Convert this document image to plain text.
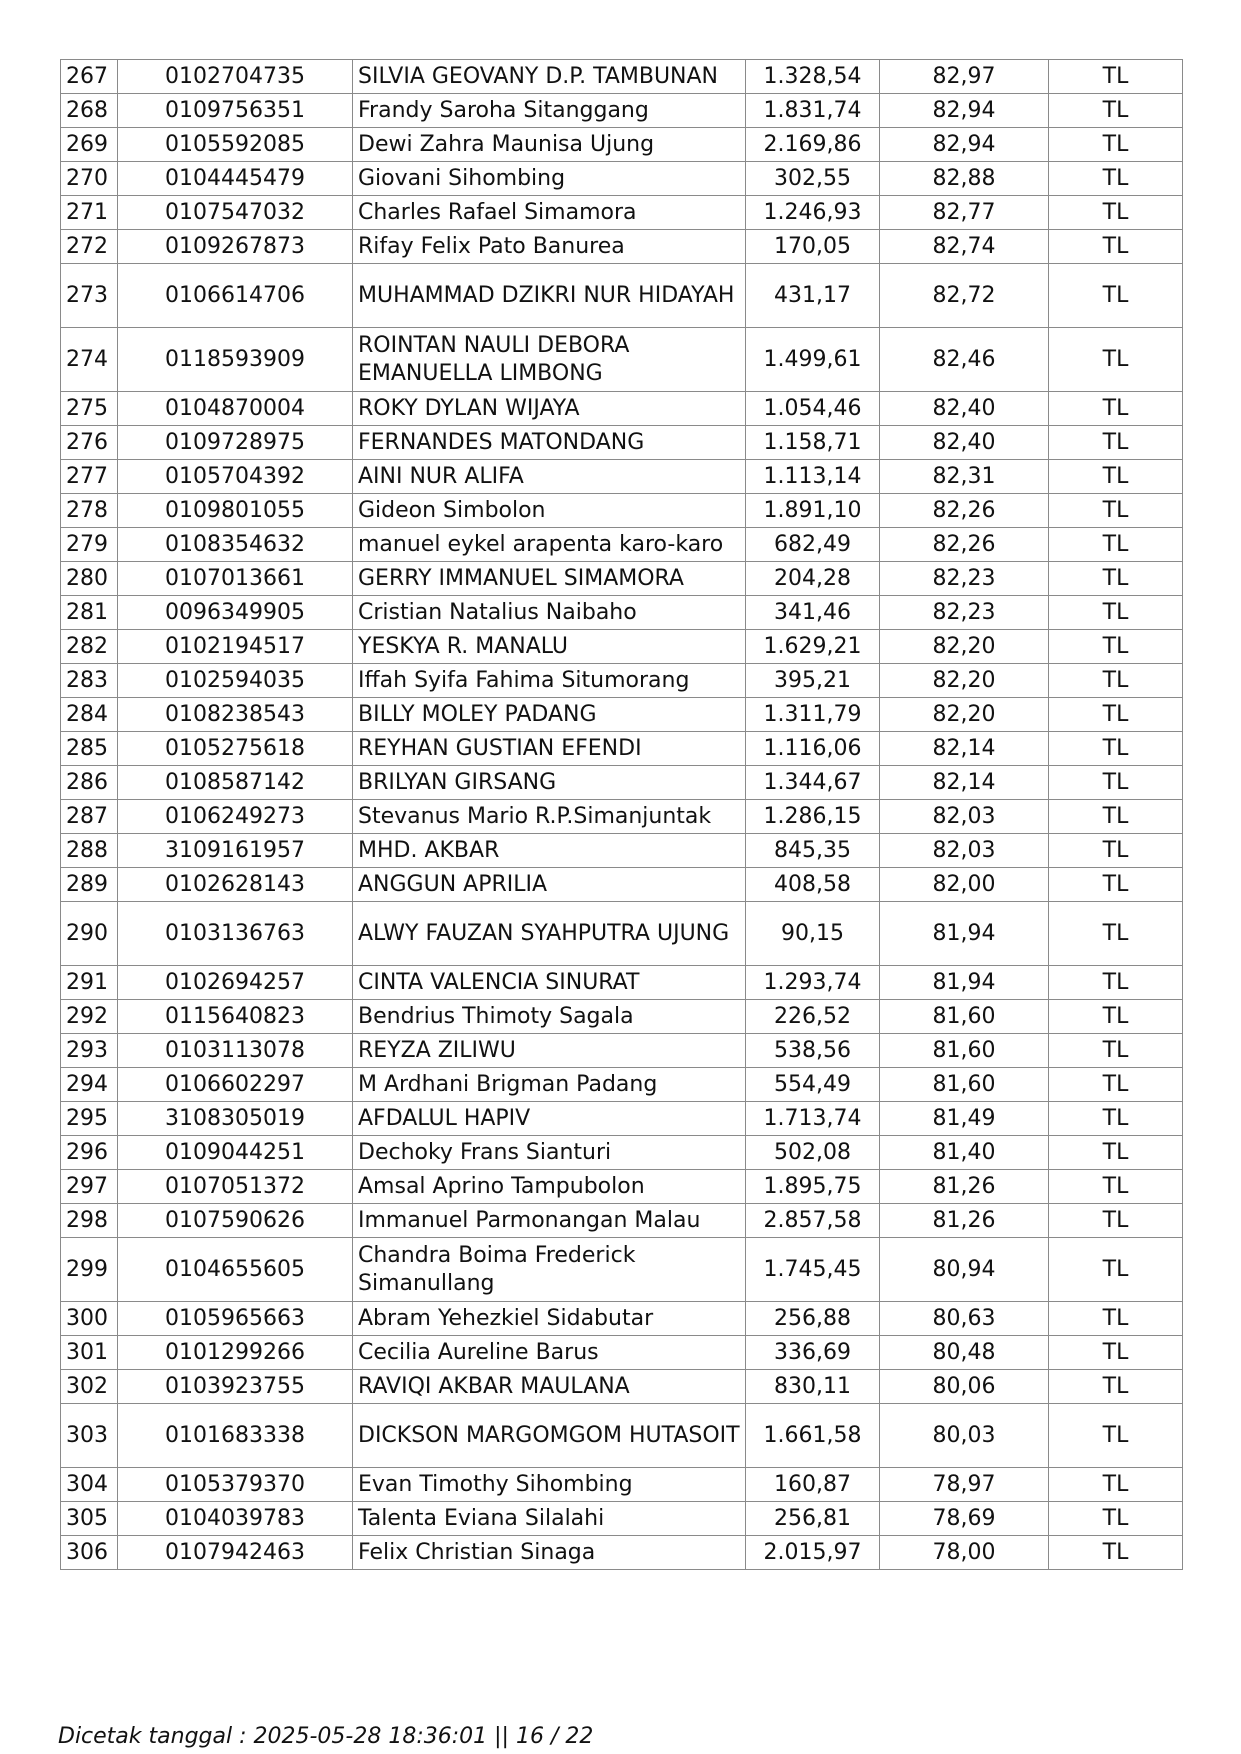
267	0102704735	SILVIA GEOVANY D.P. TAMBUNAN	1.328,54	82,97	TL
268	0109756351	Frandy Saroha Sitanggang	1.831,74	82,94	TL
269	0105592085	Dewi Zahra Maunisa Ujung	2.169,86	82,94	TL
270	0104445479	Giovani Sihombing	302,55	82,88	TL
271	0107547032	Charles Rafael Simamora	1.246,93	82,77	TL
272	0109267873	Rifay Felix Pato Banurea	170,05	82,74	TL
273	0106614706	MUHAMMAD DZIKRI NUR HIDAYAH	431,17	82,72	TL
274	0118593909	ROINTAN NAULI DEBORA EMANUELLA LIMBONG	1.499,61	82,46	TL
275	0104870004	ROKY DYLAN WIJAYA	1.054,46	82,40	TL
276	0109728975	FERNANDES MATONDANG	1.158,71	82,40	TL
277	0105704392	AINI NUR ALIFA	1.113,14	82,31	TL
278	0109801055	Gideon Simbolon	1.891,10	82,26	TL
279	0108354632	manuel eykel arapenta karo-karo	682,49	82,26	TL
280	0107013661	GERRY IMMANUEL SIMAMORA	204,28	82,23	TL
281	0096349905	Cristian Natalius Naibaho	341,46	82,23	TL
282	0102194517	YESKYA R. MANALU	1.629,21	82,20	TL
283	0102594035	Iffah Syifa Fahima Situmorang	395,21	82,20	TL
284	0108238543	BILLY MOLEY PADANG	1.311,79	82,20	TL
285	0105275618	REYHAN GUSTIAN EFENDI	1.116,06	82,14	TL
286	0108587142	BRILYAN GIRSANG	1.344,67	82,14	TL
287	0106249273	Stevanus Mario R.P.Simanjuntak	1.286,15	82,03	TL
288	3109161957	MHD. AKBAR	845,35	82,03	TL
289	0102628143	ANGGUN APRILIA	408,58	82,00	TL
290	0103136763	ALWY FAUZAN SYAHPUTRA UJUNG	90,15	81,94	TL
291	0102694257	CINTA VALENCIA SINURAT	1.293,74	81,94	TL
292	0115640823	Bendrius Thimoty Sagala	226,52	81,60	TL
293	0103113078	REYZA ZILIWU	538,56	81,60	TL
294	0106602297	M Ardhani Brigman Padang	554,49	81,60	TL
295	3108305019	AFDALUL HAPIV	1.713,74	81,49	TL
296	0109044251	Dechoky Frans Sianturi	502,08	81,40	TL
297	0107051372	Amsal Aprino Tampubolon	1.895,75	81,26	TL
298	0107590626	Immanuel Parmonangan Malau	2.857,58	81,26	TL
299	0104655605	Chandra Boima Frederick Simanullang	1.745,45	80,94	TL
300	0105965663	Abram Yehezkiel Sidabutar	256,88	80,63	TL
301	0101299266	Cecilia Aureline Barus	336,69	80,48	TL
302	0103923755	RAVIQI AKBAR MAULANA	830,11	80,06	TL
303	0101683338	DICKSON MARGOMGOM HUTASOIT	1.661,58	80,03	TL
304	0105379370	Evan Timothy Sihombing	160,87	78,97	TL
305	0104039783	Talenta Eviana Silalahi	256,81	78,69	TL
306	0107942463	Felix Christian Sinaga	2.015,97	78,00	TL
Dicetak tanggal : 2025-05-28 18:36:01 || 16 / 22
